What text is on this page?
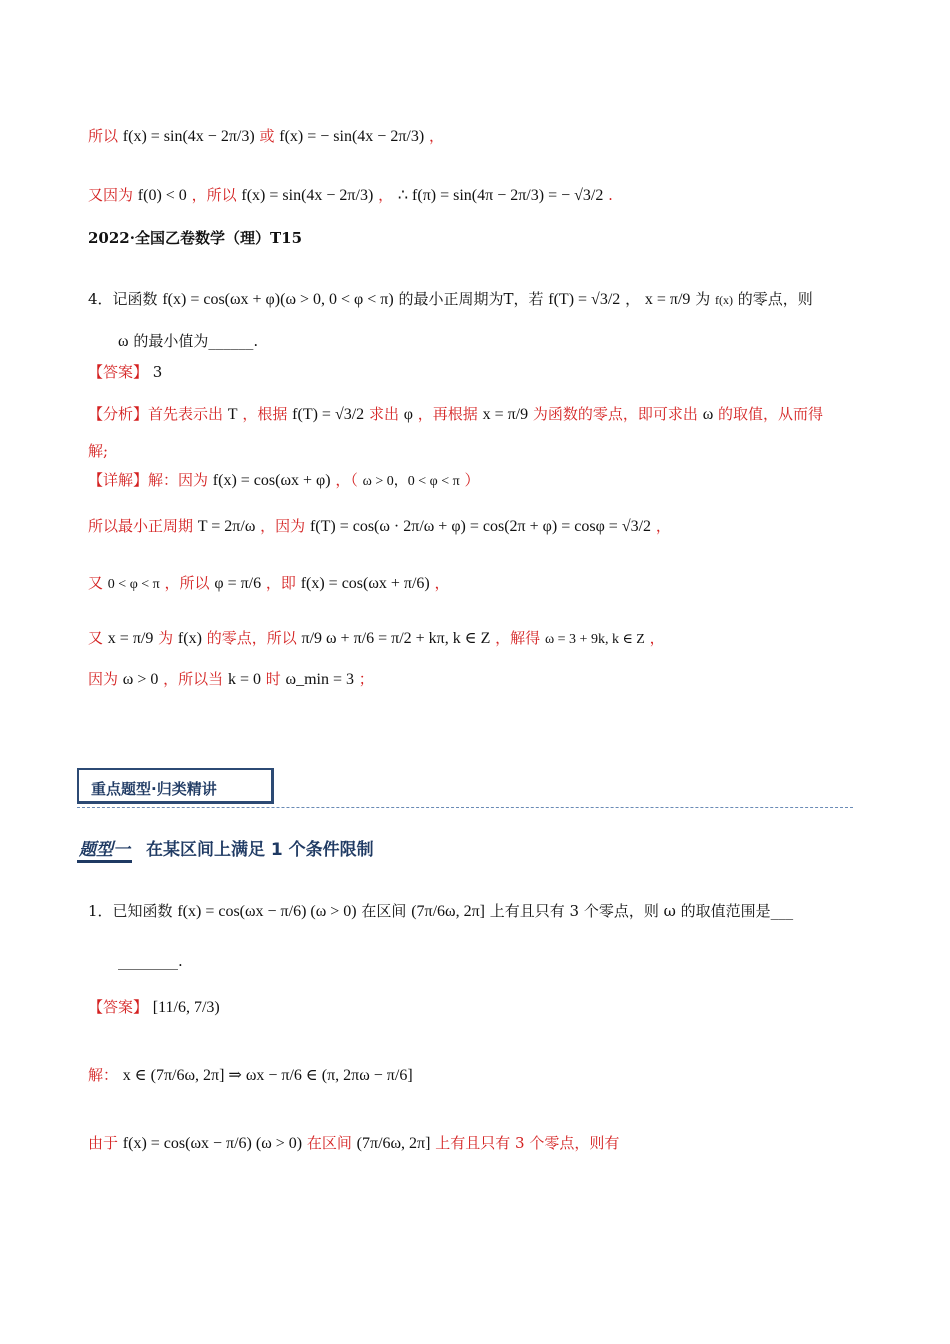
所以 f(x) = sin(4x − 2π/3) 或 f(x) = − sin(4x − 2π/3) ，
又因为 f(0) < 0 ，所以 f(x) = sin(4x − 2π/3) ， ∴ f(π) = sin(4π − 2π/3) = − √3/2 .
2022·全国乙卷数学（理）T15
4．记函数 f(x) = cos(ωx + φ)(ω > 0, 0 < φ < π) 的最小正周期为T，若 f(T) = √3/2 ， x = π/9 为 f(x) 的零点，则
ω 的最小值为______.
【答案】 3
【分析】首先表示出 T ，根据 f(T) = √3/2 求出 φ ，再根据 x = π/9 为函数的零点，即可求出 ω 的取值，从而得
解;
【详解】解：因为 f(x) = cos(ωx + φ) ，（ ω > 0，0 < φ < π ）
所以最小正周期 T = 2π/ω ，因为 f(T) = cos(ω · 2π/ω + φ) = cos(2π + φ) = cosφ = √3/2 ，
又 0 < φ < π ，所以 φ = π/6 ，即 f(x) = cos(ωx + π/6) ，
又 x = π/9 为 f(x) 的零点，所以 π/9 ω + π/6 = π/2 + kπ, k ∈ Z ，解得 ω = 3 + 9k, k ∈ Z ，
因为 ω > 0 ，所以当 k = 0 时 ω_min = 3 ；
重点题型·归类精讲
题型一 在某区间上满足 1 个条件限制
1．已知函数 f(x) = cos(ωx − π/6) (ω > 0) 在区间 (7π/6ω, 2π] 上有且只有 3 个零点，则 ω 的取值范围是___
________.
【答案】 [11/6, 7/3)
解： x ∈ (7π/6ω, 2π] ⇒ ωx − π/6 ∈ (π, 2πω − π/6]
由于 f(x) = cos(ωx − π/6) (ω > 0) 在区间 (7π/6ω, 2π] 上有且只有 3 个零点，则有
